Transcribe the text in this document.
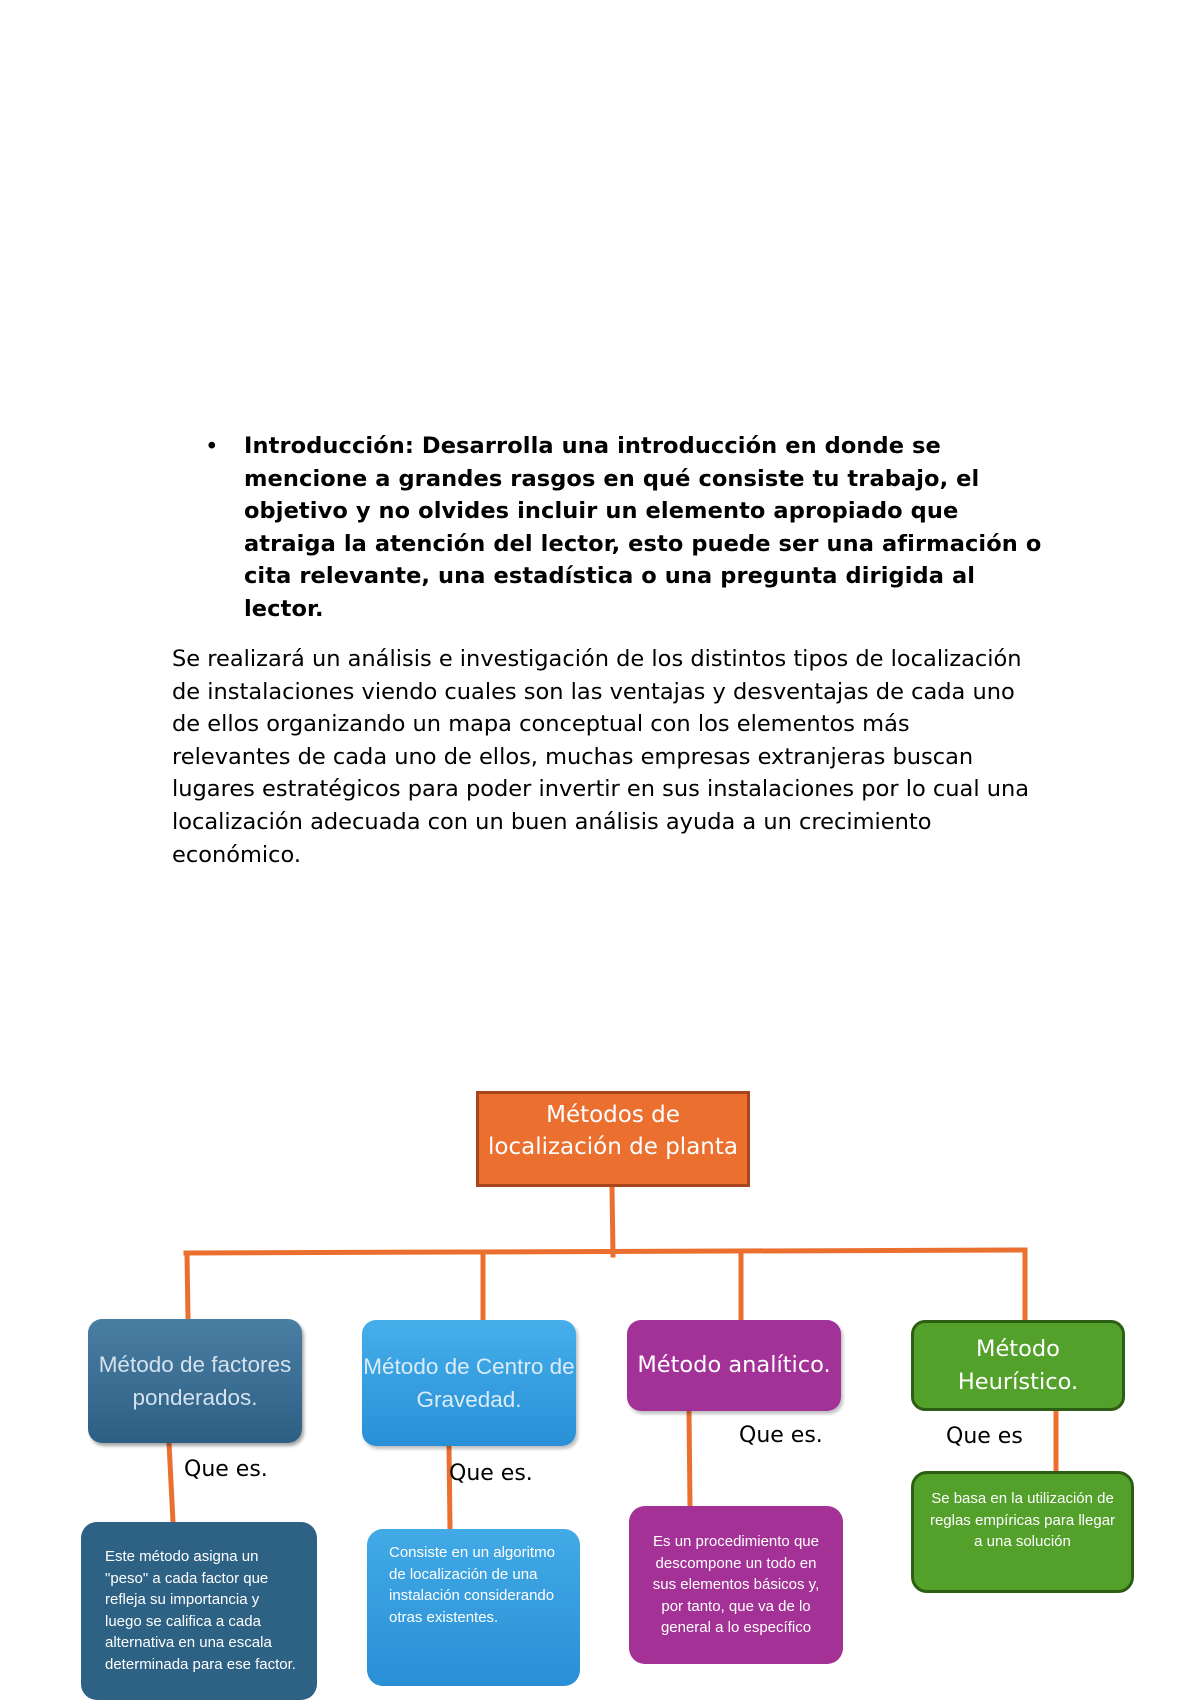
• Introducción: Desarrolla una introducción en donde se mencione a grandes rasgos en qué consiste tu trabajo, el objetivo y no olvides incluir un elemento apropiado que atraiga la atención del lector, esto puede ser una afirmación o cita relevante, una estadística o una pregunta dirigida al lector.
Se realizará un análisis e investigación de los distintos tipos de localización de instalaciones viendo cuales son las ventajas y desventajas de cada uno de ellos organizando un mapa conceptual con los elementos más relevantes de cada uno de ellos, muchas empresas extranjeras buscan lugares estratégicos para poder invertir en sus instalaciones por lo cual una localización adecuada con un buen análisis ayuda a un crecimiento económico.
Métodos de localización de planta
Método de factores ponderados.
Método de Centro de Gravedad.
Método analítico.
Método Heurístico.
Que es.	Que es.
Que es.	Que es
Este método asigna un "peso" a cada factor que refleja su importancia y luego se califica a cada alternativa en una escala determinada para ese factor.
Consiste en un algoritmo de localización de una instalación considerando otras existentes.
Es un procedimiento que descompone un todo en sus elementos básicos y, por tanto, que va de lo general a lo específico
Se basa en la utilización de reglas empíricas para llegar a una solución
